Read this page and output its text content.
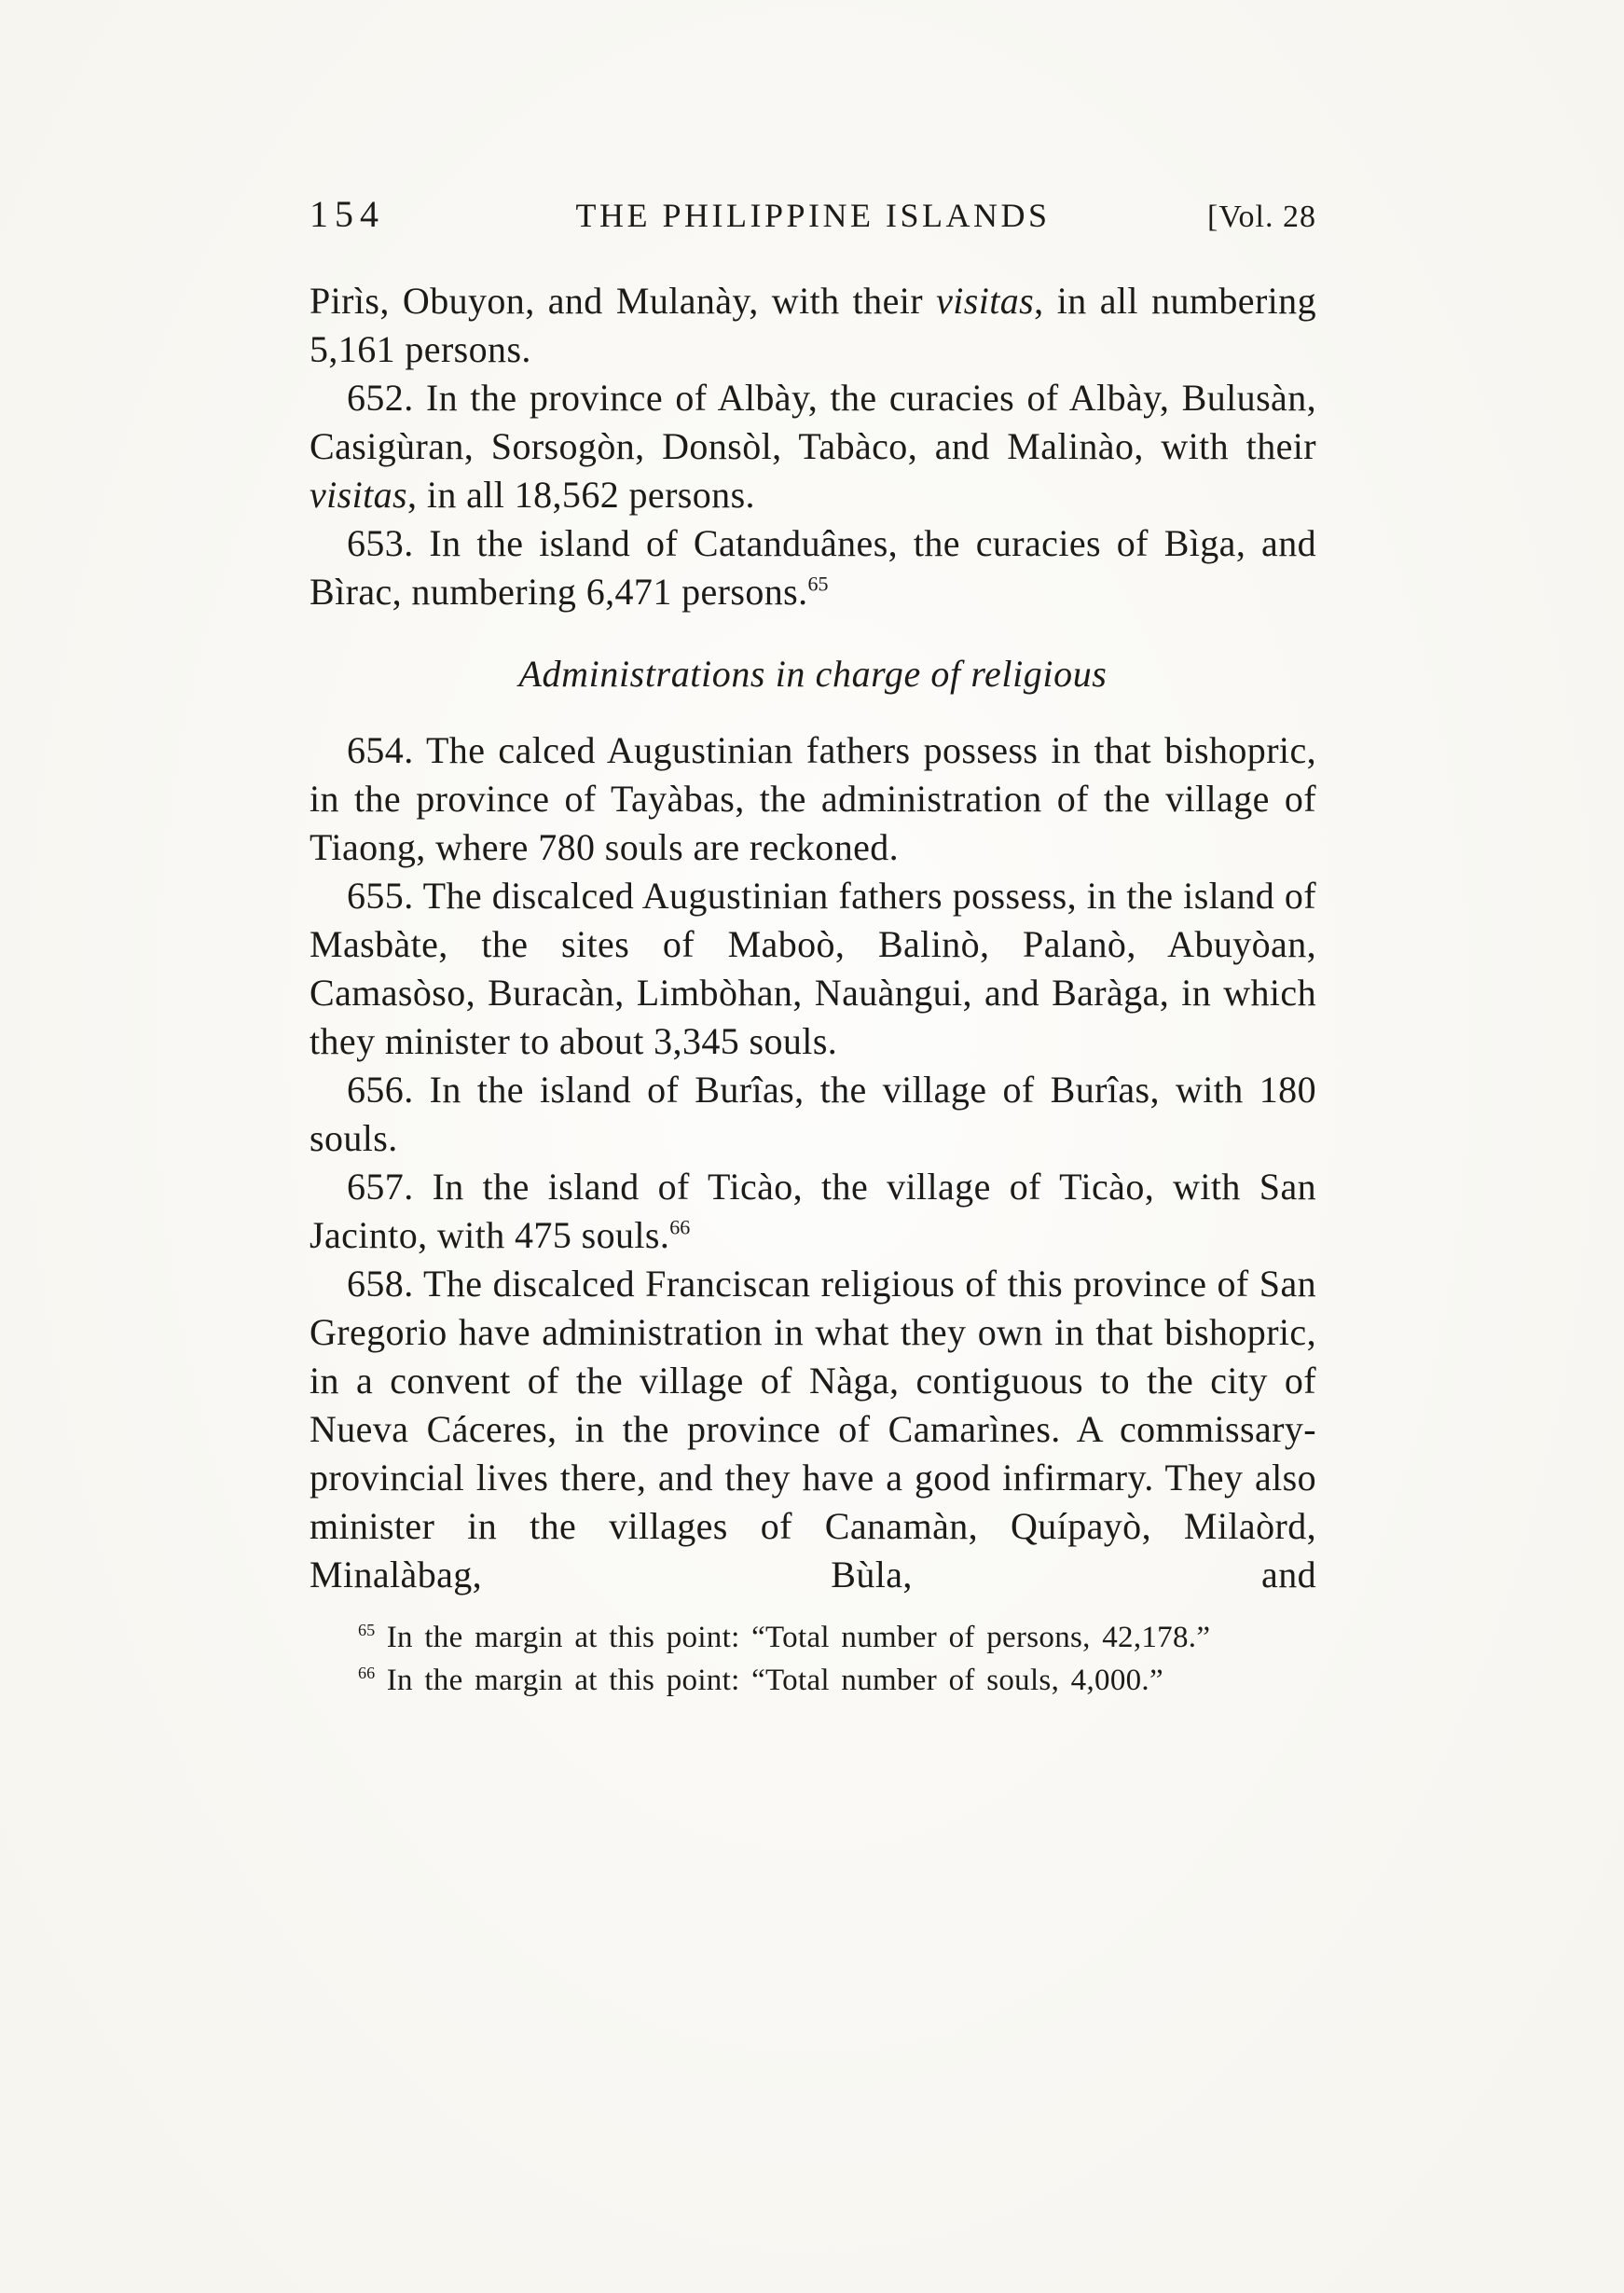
154	THE PHILIPPINE ISLANDS	[Vol. 28

Pirìs, Obuyon, and Mulanày, with their visitas, in all numbering 5,161 persons.

652. In the province of Albày, the curacies of Albày, Bulusàn, Casigùran, Sorsogòn, Donsòl, Tabàco, and Malinào, with their visitas, in all 18,562 persons.

653. In the island of Catanduânes, the curacies of Bìga, and Bìrac, numbering 6,471 persons.$^{65}$

Administrations in charge of religious

654. The calced Augustinian fathers possess in that bishopric, in the province of Tayàbas, the administration of the village of Tiaong, where 780 souls are reckoned.

655. The discalced Augustinian fathers possess, in the island of Masbàte, the sites of Maboò, Balinò, Palanò, Abuyòan, Camasòso, Buracàn, Limbòhan, Nauàngui, and Baràga, in which they minister to about 3,345 souls.

656. In the island of Burîas, the village of Burîas, with 180 souls.

657. In the island of Ticào, the village of Ticào, with San Jacinto, with 475 souls.$^{66}$

658. The discalced Franciscan religious of this province of San Gregorio have administration in what they own in that bishopric, in a convent of the village of Nàga, contiguous to the city of Nueva Cáceres, in the province of Camarìnes. A commissary-provincial lives there, and they have a good infirmary. They also minister in the villages of Canamàn, Quípayò, Milaòrd, Minalàbag, Bùla, and

$^{65}$ In the margin at this point: “Total number of persons, 42,178.”

$^{66}$ In the margin at this point: “Total number of souls, 4,000.”
